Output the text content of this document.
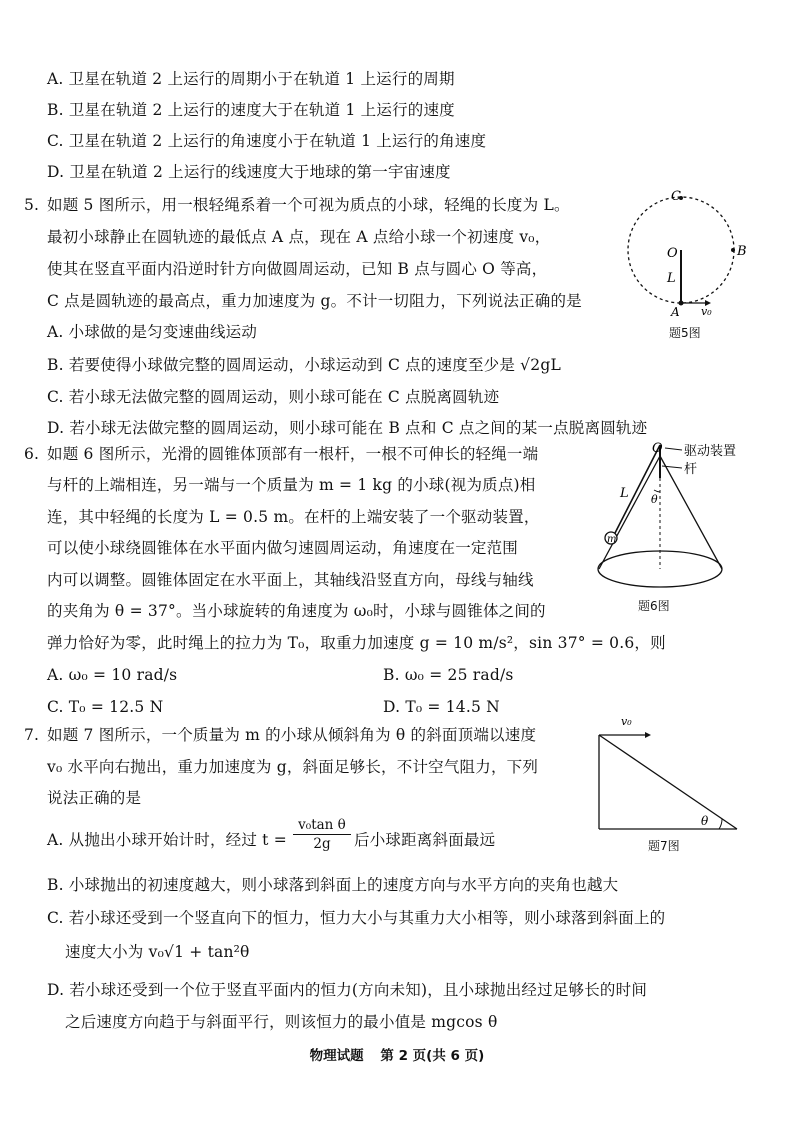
A. 卫星在轨道 2 上运行的周期小于在轨道 1 上运行的周期
B. 卫星在轨道 2 上运行的速度大于在轨道 1 上运行的速度
C. 卫星在轨道 2 上运行的角速度小于在轨道 1 上运行的角速度
D. 卫星在轨道 2 上运行的线速度大于地球的第一宇宙速度
5. 如题 5 图所示，用一根轻绳系着一个可视为质点的小球，轻绳的长度为 L。
最初小球静止在圆轨迹的最低点 A 点，现在 A 点给小球一个初速度 v₀，
使其在竖直平面内沿逆时针方向做圆周运动，已知 B 点与圆心 O 等高，
C 点是圆轨迹的最高点，重力加速度为 g。不计一切阻力，下列说法正确的是
A. 小球做的是匀变速曲线运动
B. 若要使得小球做完整的圆周运动，小球运动到 C 点的速度至少是 √2gL
C. 若小球无法做完整的圆周运动，则小球可能在 C 点脱离圆轨迹
D. 若小球无法做完整的圆周运动，则小球可能在 B 点和 C 点之间的某一点脱离圆轨迹
C
O	B
L
A v₀
题5图
6. 如题 6 图所示，光滑的圆锥体顶部有一根杆，一根不可伸长的轻绳一端
与杆的上端相连，另一端与一个质量为 m = 1 kg 的小球(视为质点)相
连，其中轻绳的长度为 L = 0.5 m。在杆的上端安装了一个驱动装置，
可以使小球绕圆锥体在水平面内做匀速圆周运动，角速度在一定范围
内可以调整。圆锥体固定在水平面上，其轴线沿竖直方向，母线与轴线
的夹角为 θ = 37°。当小球旋转的角速度为 ω₀时，小球与圆锥体之间的
弹力恰好为零，此时绳上的拉力为 T₀，取重力加速度 g = 10 m/s²，sin 37° = 0.6，则
A. ω₀ = 10 rad/s	B. ω₀ = 25 rad/s
C. T₀ = 12.5 N	D. T₀ = 14.5 N
O 驱动装置
杆
L θ
m
题6图
7. 如题 7 图所示，一个质量为 m 的小球从倾斜角为 θ 的斜面顶端以速度
v₀ 水平向右抛出，重力加速度为 g，斜面足够长，不计空气阻力，下列
说法正确的是
A. 从抛出小球开始计时，经过 $t = \frac{\text{v₀tan θ}}{2g}$ 后小球距离斜面最远
B. 小球抛出的初速度越大，则小球落到斜面上的速度方向与水平方向的夹角也越大
C. 若小球还受到一个竖直向下的恒力，恒力大小与其重力大小相等，则小球落到斜面上的
速度大小为 v₀√1 + tan²θ
D. 若小球还受到一个位于竖直平面内的恒力(方向未知)，且小球抛出经过足够长的时间
之后速度方向趋于与斜面平行，则该恒力的最小值是 mgcos θ
v₀
θ
题7图
物理试题 第 2 页(共 6 页)
